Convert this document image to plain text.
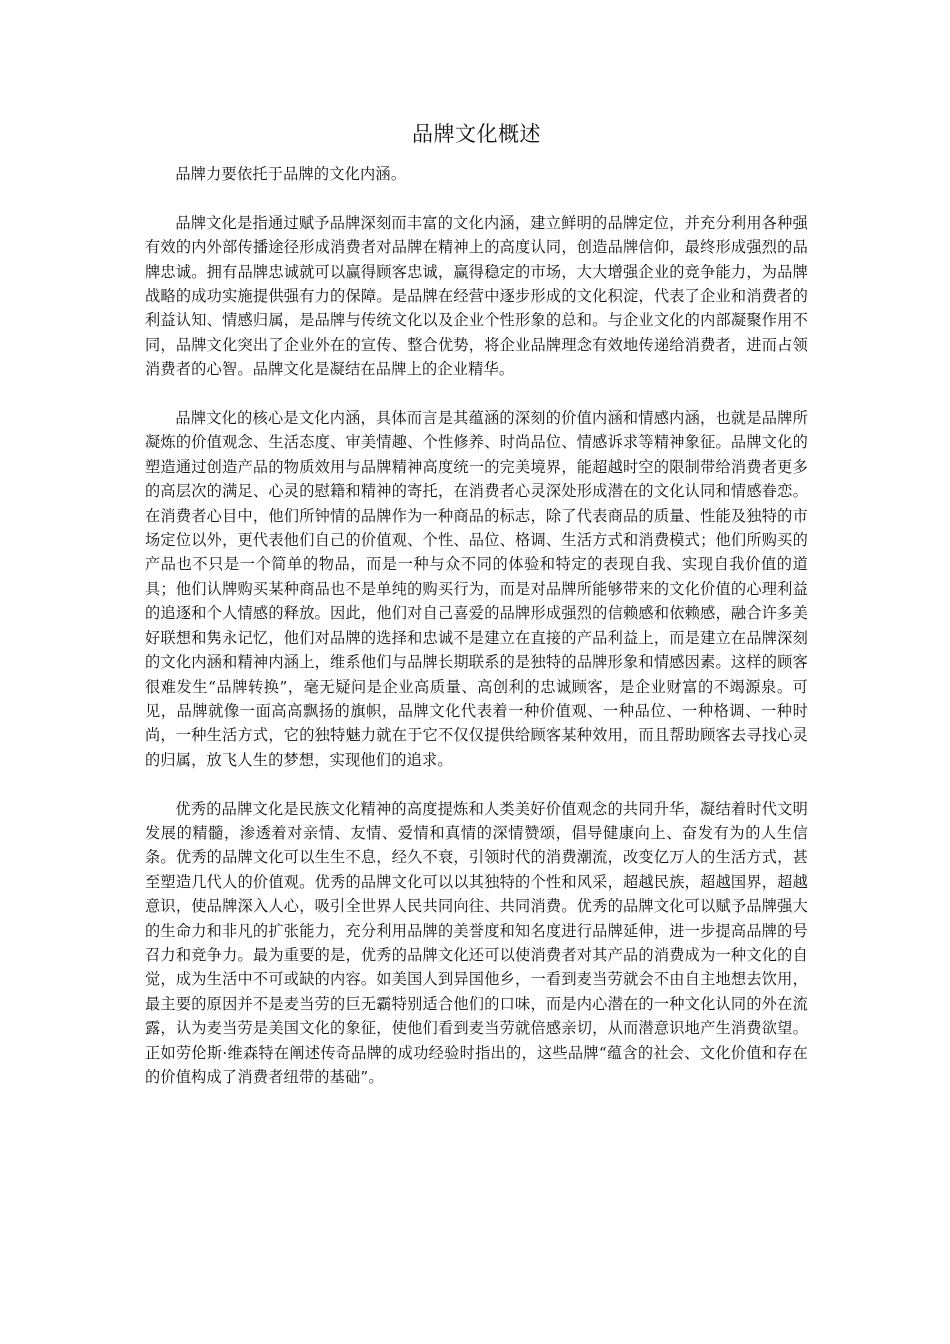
品牌文化概述

品牌力要依托于品牌的文化内涵。

品牌文化是指通过赋予品牌深刻而丰富的文化内涵，建立鲜明的品牌定位，并充分利用各种强有效的内外部传播途径形成消费者对品牌在精神上的高度认同，创造品牌信仰，最终形成强烈的品牌忠诚。拥有品牌忠诚就可以赢得顾客忠诚，赢得稳定的市场，大大增强企业的竞争能力，为品牌战略的成功实施提供强有力的保障。是品牌在经营中逐步形成的文化积淀，代表了企业和消费者的利益认知、情感归属，是品牌与传统文化以及企业个性形象的总和。与企业文化的内部凝聚作用不同，品牌文化突出了企业外在的宣传、整合优势，将企业品牌理念有效地传递给消费者，进而占领消费者的心智。品牌文化是凝结在品牌上的企业精华。

品牌文化的核心是文化内涵，具体而言是其蕴涵的深刻的价值内涵和情感内涵，也就是品牌所凝炼的价值观念、生活态度、审美情趣、个性修养、时尚品位、情感诉求等精神象征。品牌文化的塑造通过创造产品的物质效用与品牌精神高度统一的完美境界，能超越时空的限制带给消费者更多的高层次的满足、心灵的慰籍和精神的寄托，在消费者心灵深处形成潜在的文化认同和情感眷恋。在消费者心目中，他们所钟情的品牌作为一种商品的标志，除了代表商品的质量、性能及独特的市场定位以外，更代表他们自己的价值观、个性、品位、格调、生活方式和消费模式；他们所购买的产品也不只是一个简单的物品，而是一种与众不同的体验和特定的表现自我、实现自我价值的道具；他们认牌购买某种商品也不是单纯的购买行为，而是对品牌所能够带来的文化价值的心理利益的追逐和个人情感的释放。因此，他们对自己喜爱的品牌形成强烈的信赖感和依赖感，融合许多美好联想和隽永记忆，他们对品牌的选择和忠诚不是建立在直接的产品利益上，而是建立在品牌深刻的文化内涵和精神内涵上，维系他们与品牌长期联系的是独特的品牌形象和情感因素。这样的顾客很难发生“品牌转换”，毫无疑问是企业高质量、高创利的忠诚顾客，是企业财富的不竭源泉。可见，品牌就像一面高高飘扬的旗帜，品牌文化代表着一种价值观、一种品位、一种格调、一种时尚，一种生活方式，它的独特魅力就在于它不仅仅提供给顾客某种效用，而且帮助顾客去寻找心灵的归属，放飞人生的梦想，实现他们的追求。

优秀的品牌文化是民族文化精神的高度提炼和人类美好价值观念的共同升华，凝结着时代文明发展的精髓，渗透着对亲情、友情、爱情和真情的深情赞颂，倡导健康向上、奋发有为的人生信条。优秀的品牌文化可以生生不息，经久不衰，引领时代的消费潮流，改变亿万人的生活方式，甚至塑造几代人的价值观。优秀的品牌文化可以以其独特的个性和风采，超越民族，超越国界，超越意识，使品牌深入人心，吸引全世界人民共同向往、共同消费。优秀的品牌文化可以赋予品牌强大的生命力和非凡的扩张能力，充分利用品牌的美誉度和知名度进行品牌延伸，进一步提高品牌的号召力和竞争力。最为重要的是，优秀的品牌文化还可以使消费者对其产品的消费成为一种文化的自觉，成为生活中不可或缺的内容。如美国人到异国他乡，一看到麦当劳就会不由自主地想去饮用，最主要的原因并不是麦当劳的巨无霸特别适合他们的口味，而是内心潜在的一种文化认同的外在流露，认为麦当劳是美国文化的象征，使他们看到麦当劳就倍感亲切，从而潜意识地产生消费欲望。正如劳伦斯·维森特在阐述传奇品牌的成功经验时指出的，这些品牌“蕴含的社会、文化价值和存在的价值构成了消费者纽带的基础”。
